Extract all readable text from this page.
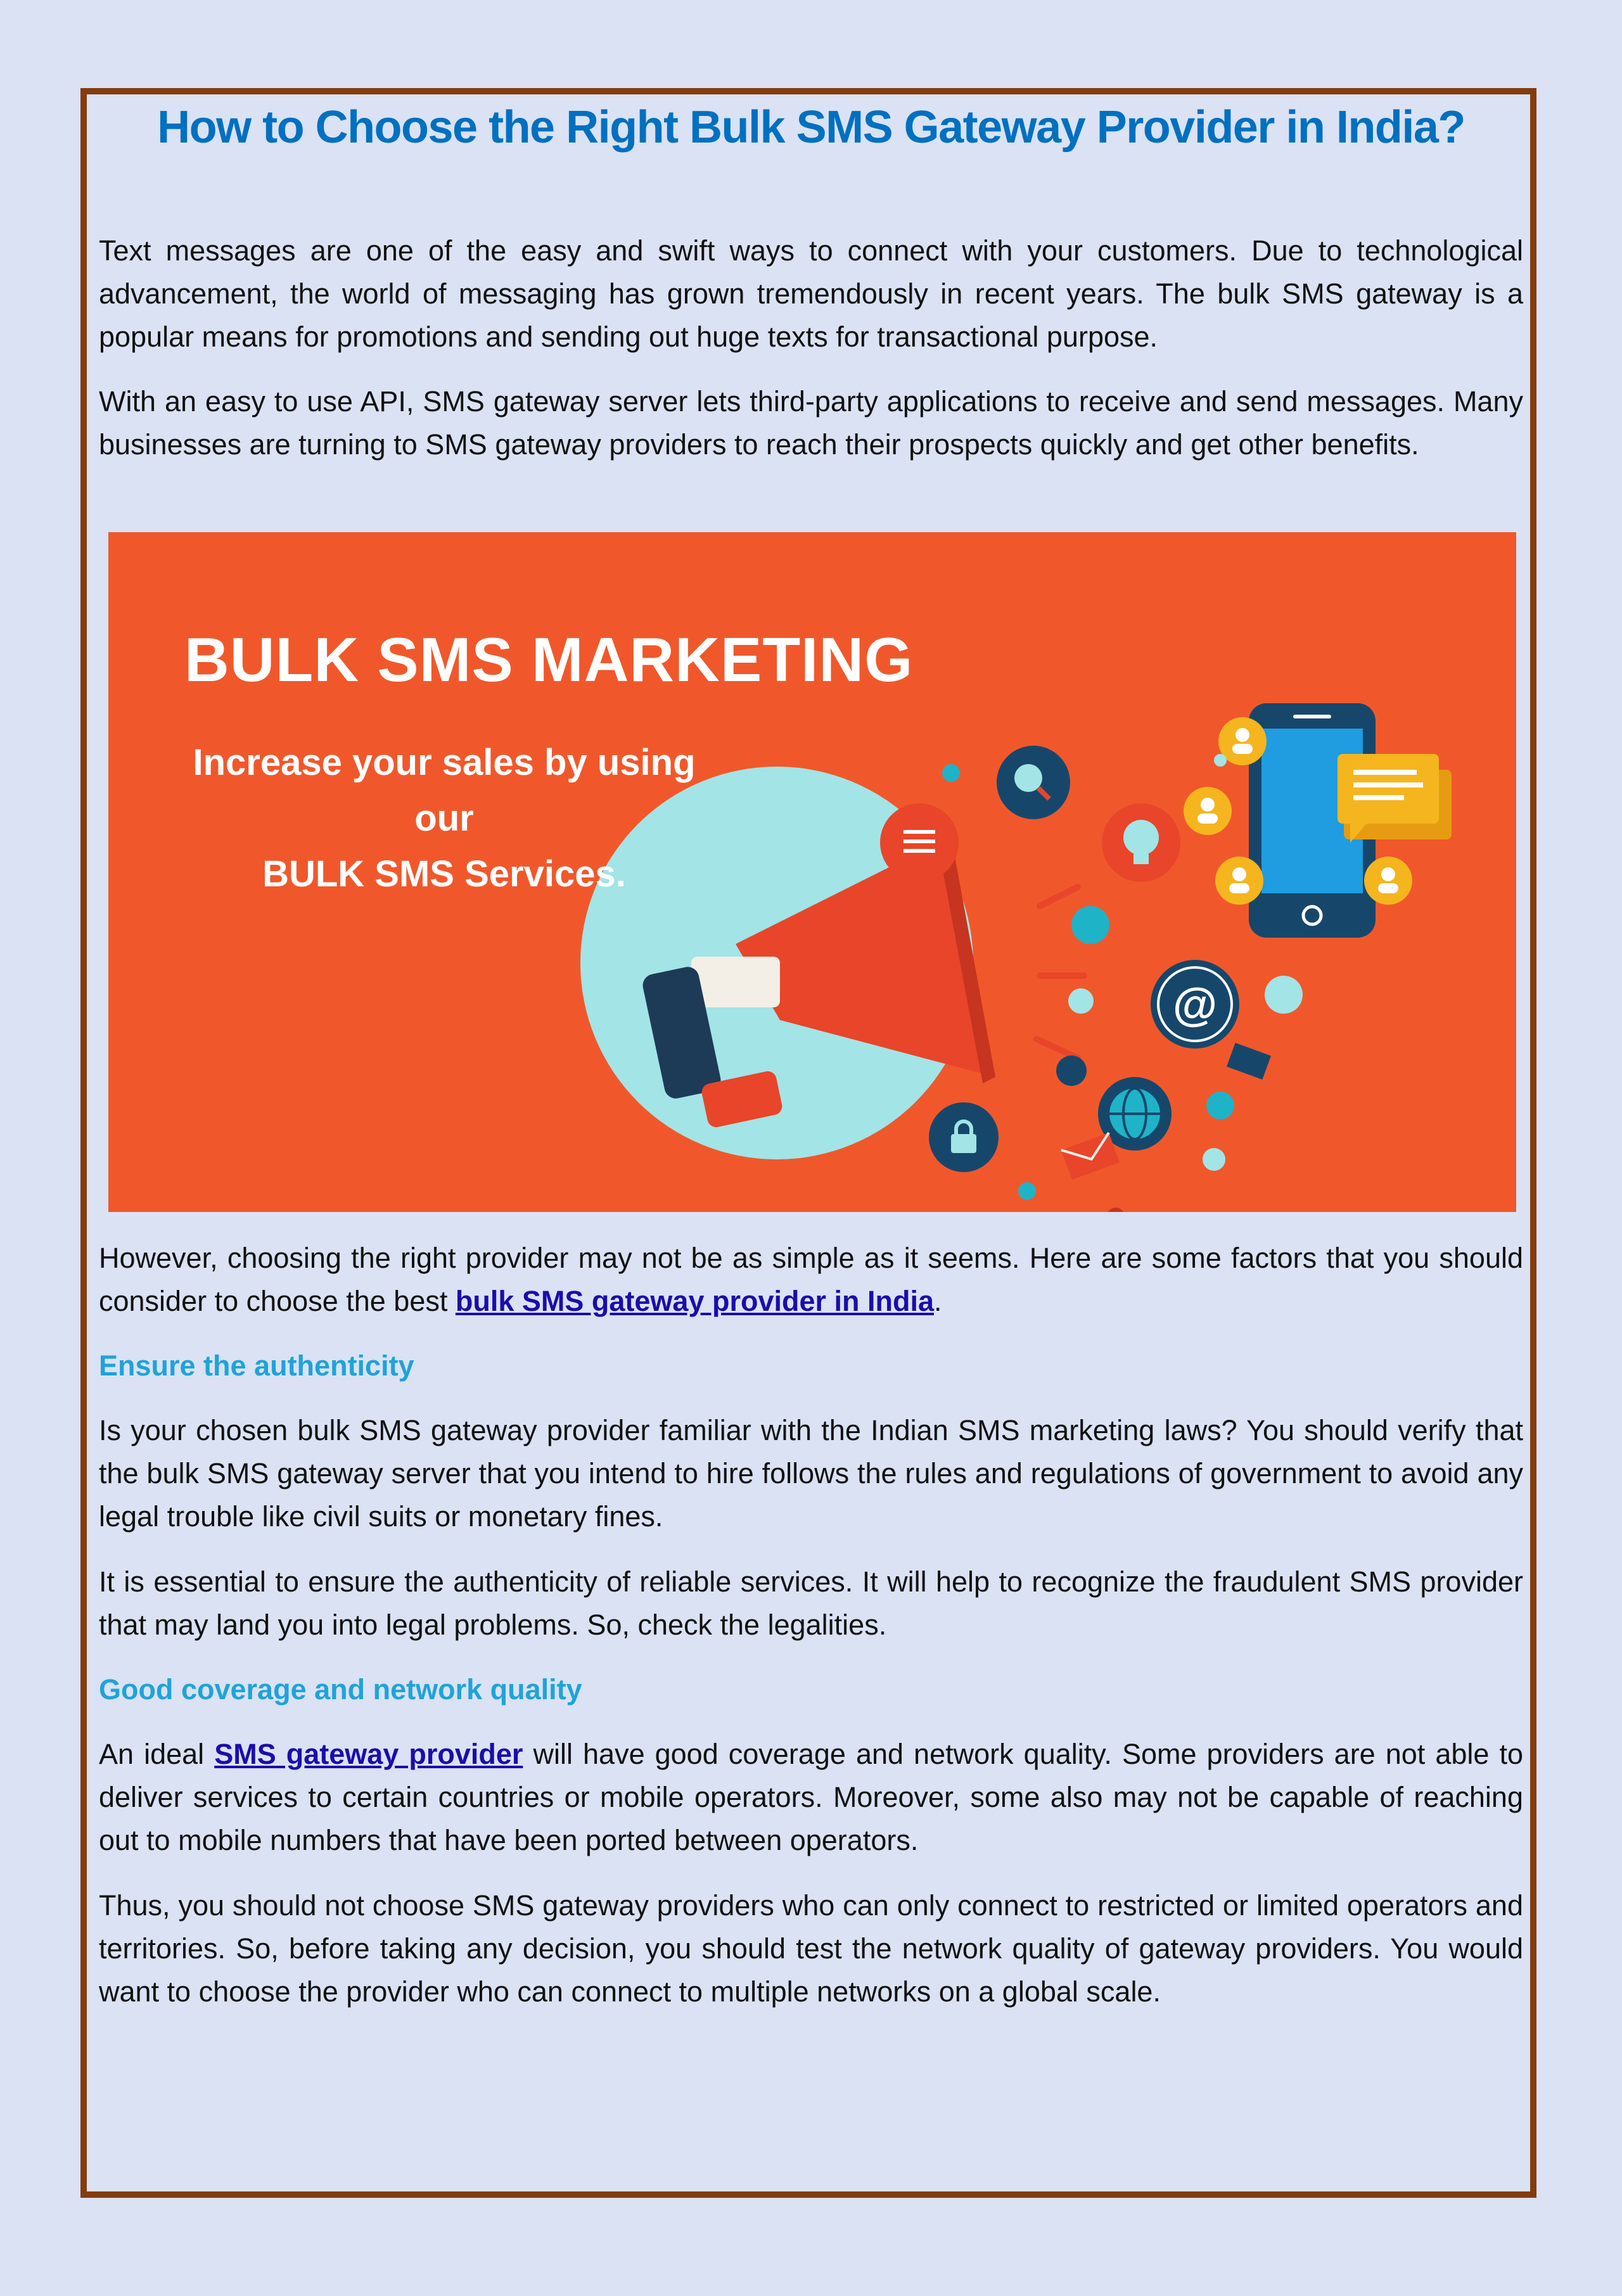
How to Choose the Right Bulk SMS Gateway Provider in India?

Text messages are one of the easy and swift ways to connect with your customers. Due to technological advancement, the world of messaging has grown tremendously in recent years. The bulk SMS gateway is a popular means for promotions and sending out huge texts for transactional purpose.

With an easy to use API, SMS gateway server lets third-party applications to receive and send messages. Many businesses are turning to SMS gateway providers to reach their prospects quickly and get other benefits.

@

BULK SMS MARKETING

Increase your sales by using our
BULK SMS Services.

However, choosing the right provider may not be as simple as it seems. Here are some factors that you should consider to choose the best bulk SMS gateway provider in India.

Ensure the authenticity

Is your chosen bulk SMS gateway provider familiar with the Indian SMS marketing laws? You should verify that the bulk SMS gateway server that you intend to hire follows the rules and regulations of government to avoid any legal trouble like civil suits or monetary fines.

It is essential to ensure the authenticity of reliable services. It will help to recognize the fraudulent SMS provider that may land you into legal problems. So, check the legalities.

Good coverage and network quality

An ideal SMS gateway provider will have good coverage and network quality. Some providers are not able to deliver services to certain countries or mobile operators. Moreover, some also may not be capable of reaching out to mobile numbers that have been ported between operators.

Thus, you should not choose SMS gateway providers who can only connect to restricted or limited operators and territories. So, before taking any decision, you should test the network quality of gateway providers. You would want to choose the provider who can connect to multiple networks on a global scale.
